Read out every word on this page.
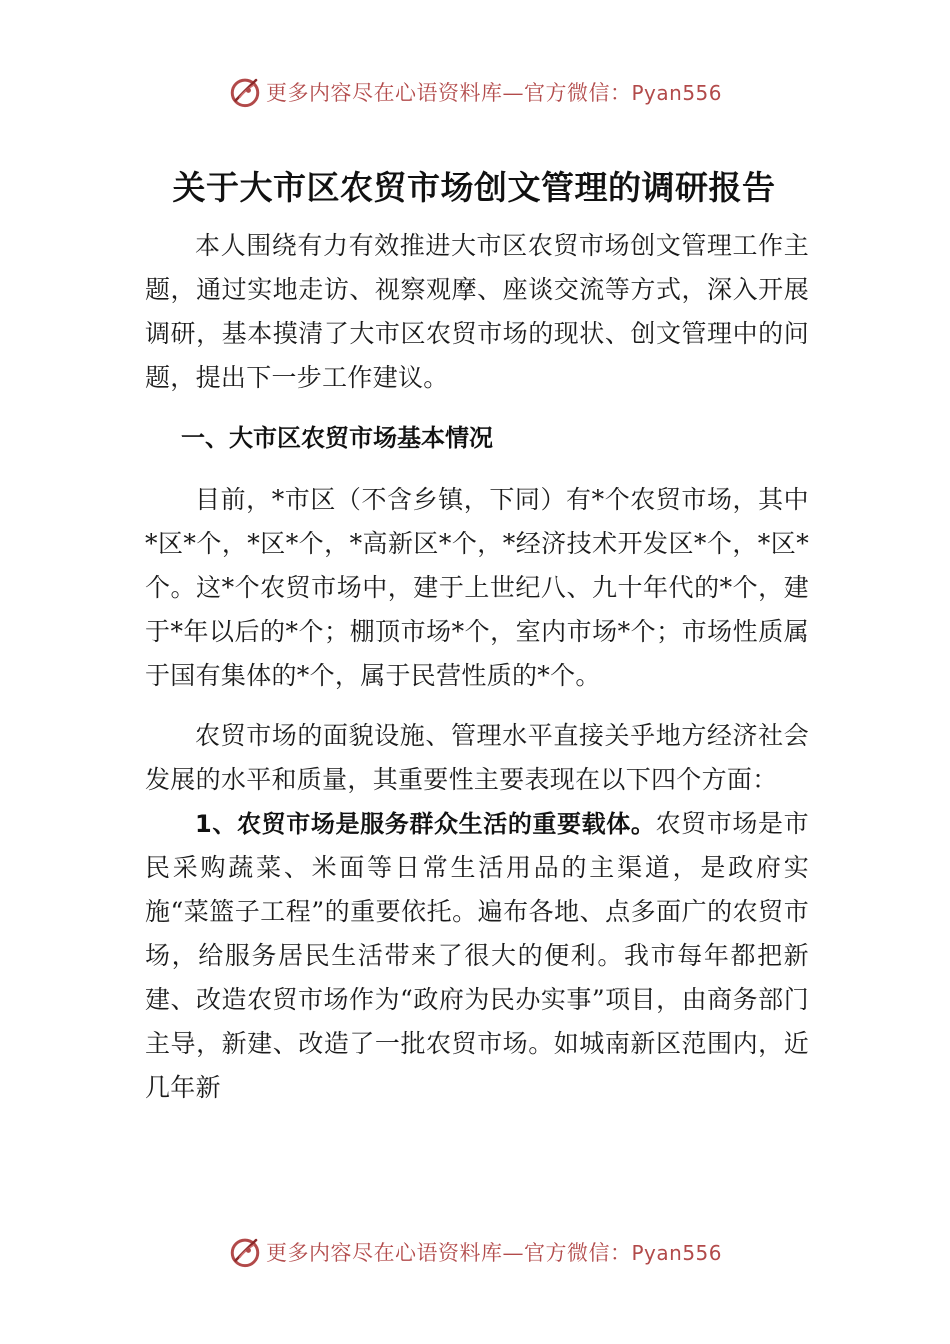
更多内容尽在心语资料库—官方微信：Pyan556
关于大市区农贸市场创文管理的调研报告

本人围绕有力有效推进大市区农贸市场创文管理工作主题，通过实地走访、视察观摩、座谈交流等方式，深入开展调研，基本摸清了大市区农贸市场的现状、创文管理中的问题，提出下一步工作建议。

一、大市区农贸市场基本情况

目前，*市区（不含乡镇，下同）有*个农贸市场，其中*区*个，*区*个，*高新区*个，*经济技术开发区*个，*区*个。这*个农贸市场中，建于上世纪八、九十年代的*个，建于*年以后的*个；棚顶市场*个，室内市场*个；市场性质属于国有集体的*个，属于民营性质的*个。

农贸市场的面貌设施、管理水平直接关乎地方经济社会发展的水平和质量，其重要性主要表现在以下四个方面：

1、农贸市场是服务群众生活的重要载体。农贸市场是市民采购蔬菜、米面等日常生活用品的主渠道，是政府实施“菜篮子工程”的重要依托。遍布各地、点多面广的农贸市场，给服务居民生活带来了很大的便利。我市每年都把新建、改造农贸市场作为“政府为民办实事”项目，由商务部门主导，新建、改造了一批农贸市场。如城南新区范围内，近几年新

更多内容尽在心语资料库—官方微信：Pyan556
